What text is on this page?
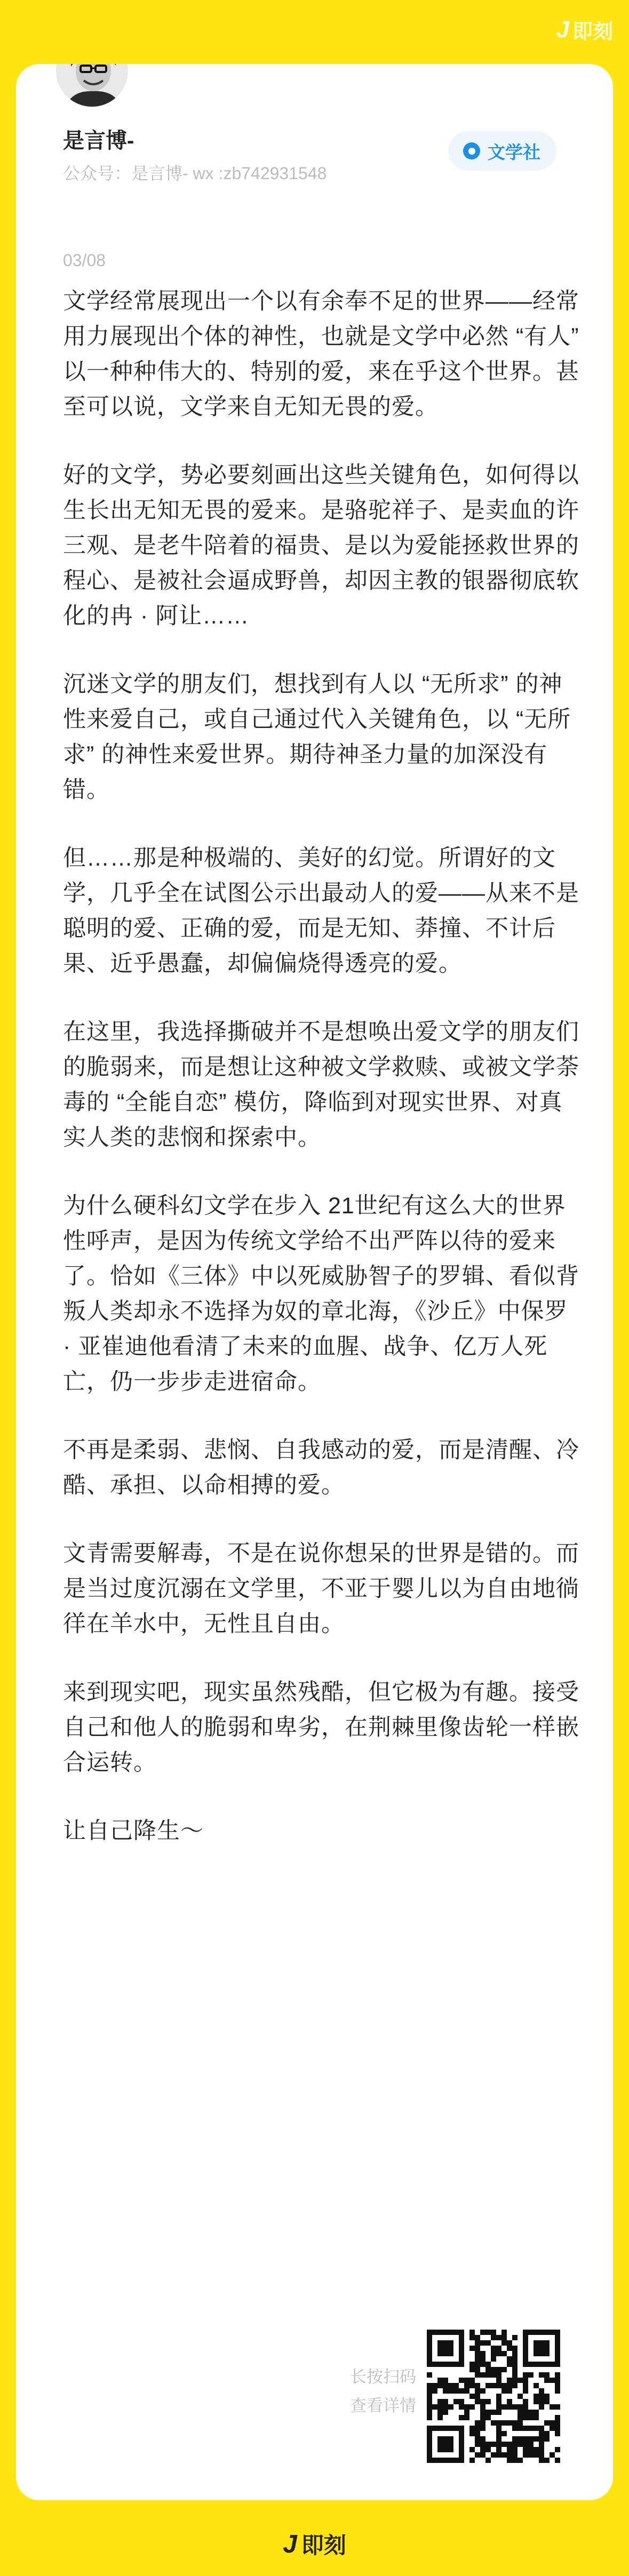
J 即刻
是言博-
公众号：是言博- wx :zb742931548
文学社
03/08

文学经常展现出一个以有余奉不足的世界——经常用力展现出个体的神性，也就是文学中必然 “有人” 以一种种伟大的、特别的爱，来在乎这个世界。甚至可以说，文学来自无知无畏的爱。

好的文学，势必要刻画出这些关键角色，如何得以生长出无知无畏的爱来。是骆驼祥子、是卖血的许三观、是老牛陪着的福贵、是以为爱能拯救世界的程心、是被社会逼成野兽，却因主教的银器彻底软化的冉 · 阿让……

沉迷文学的朋友们，想找到有人以 “无所求” 的神性来爱自己，或自己通过代入关键角色，以 “无所求” 的神性来爱世界。期待神圣力量的加深没有错。

但……那是种极端的、美好的幻觉。所谓好的文学，几乎全在试图公示出最动人的爱——从来不是聪明的爱、正确的爱，而是无知、莽撞、不计后果、近乎愚蠢，却偏偏烧得透亮的爱。

在这里，我选择撕破并不是想唤出爱文学的朋友们的脆弱来，而是想让这种被文学救赎、或被文学荼毒的 “全能自恋” 模仿，降临到对现实世界、对真实人类的悲悯和探索中。

为什么硬科幻文学在步入 21世纪有这么大的世界性呼声，是因为传统文学给不出严阵以待的爱来了。恰如《三体》中以死威胁智子的罗辑、看似背叛人类却永不选择为奴的章北海，《沙丘》中保罗 · 亚崔迪他看清了未来的血腥、战争、亿万人死亡，仍一步步走进宿命。

不再是柔弱、悲悯、自我感动的爱，而是清醒、冷酷、承担、以命相搏的爱。

文青需要解毒，不是在说你想呆的世界是错的。而是当过度沉溺在文学里，不亚于婴儿以为自由地徜徉在羊水中，无性且自由。

来到现实吧，现实虽然残酷，但它极为有趣。接受自己和他人的脆弱和卑劣，在荆棘里像齿轮一样嵌合运转。

让自己降生～

长按扫码
查看详情
J 即刻
